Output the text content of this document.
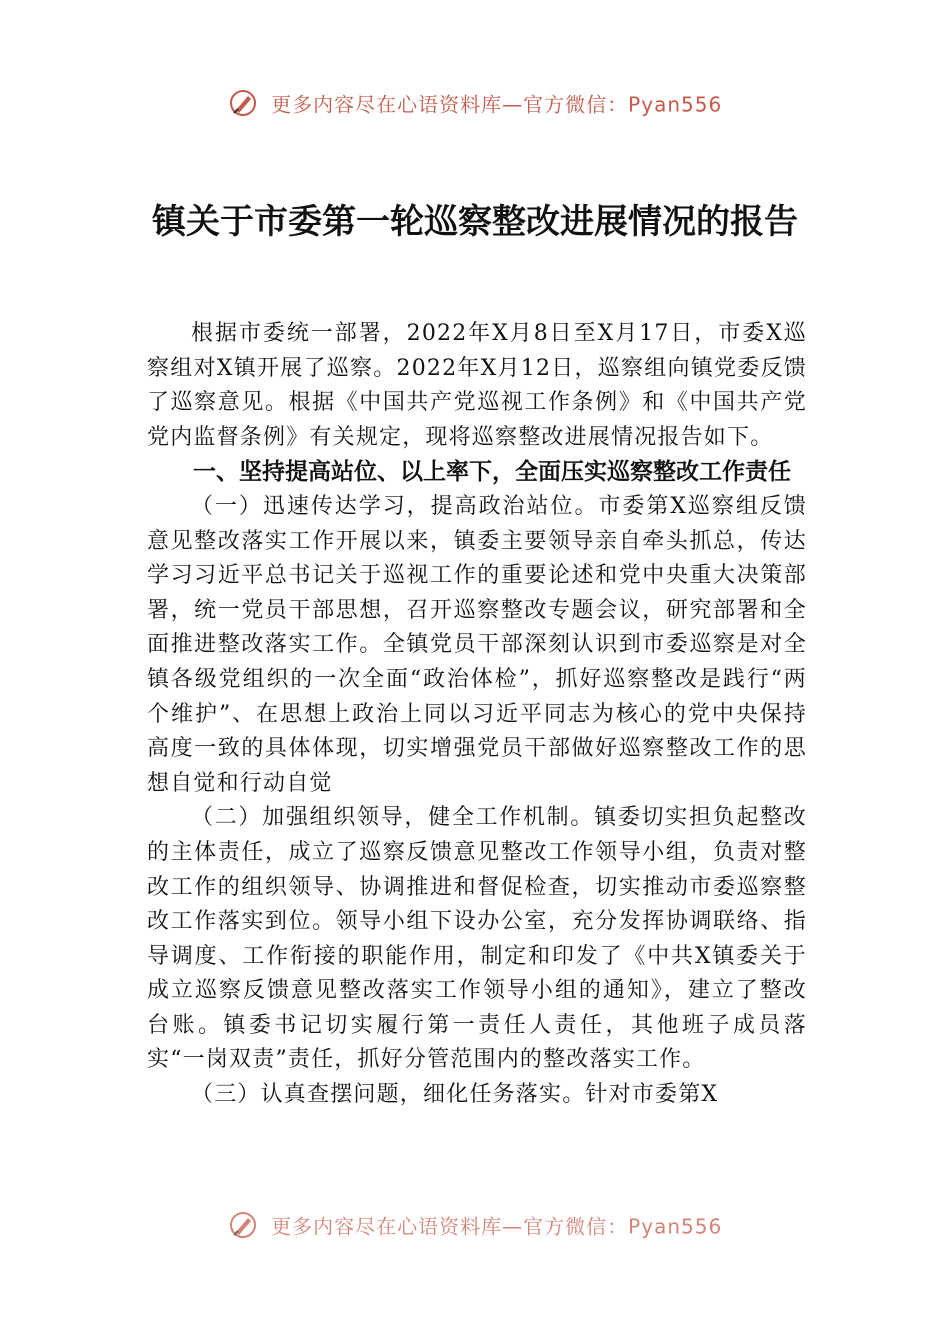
更多内容尽在心语资料库—官方微信：Pyan556
镇关于市委第一轮巡察整改进展情况的报告

根据市委统一部署，2022年X月8日至X月17日，市委X巡察组对X镇开展了巡察。2022年X月12日，巡察组向镇党委反馈了巡察意见。根据《中国共产党巡视工作条例》和《中国共产党党内监督条例》有关规定，现将巡察整改进展情况报告如下。

一、坚持提高站位、以上率下，全面压实巡察整改工作责任

（一）迅速传达学习，提高政治站位。市委第X巡察组反馈意见整改落实工作开展以来，镇委主要领导亲自牵头抓总，传达学习习近平总书记关于巡视工作的重要论述和党中央重大决策部署，统一党员干部思想，召开巡察整改专题会议，研究部署和全面推进整改落实工作。全镇党员干部深刻认识到市委巡察是对全镇各级党组织的一次全面“政治体检”，抓好巡察整改是践行“两个维护”、在思想上政治上同以习近平同志为核心的党中央保持高度一致的具体体现，切实增强党员干部做好巡察整改工作的思想自觉和行动自觉

（二）加强组织领导，健全工作机制。镇委切实担负起整改的主体责任，成立了巡察反馈意见整改工作领导小组，负责对整改工作的组织领导、协调推进和督促检查，切实推动市委巡察整改工作落实到位。领导小组下设办公室，充分发挥协调联络、指导调度、工作衔接的职能作用，制定和印发了《中共X镇委关于成立巡察反馈意见整改落实工作领导小组的通知》，建立了整改台账。镇委书记切实履行第一责任人责任，其他班子成员落实“一岗双责”责任，抓好分管范围内的整改落实工作。

（三）认真查摆问题，细化任务落实。针对市委第X

更多内容尽在心语资料库—官方微信：Pyan556
